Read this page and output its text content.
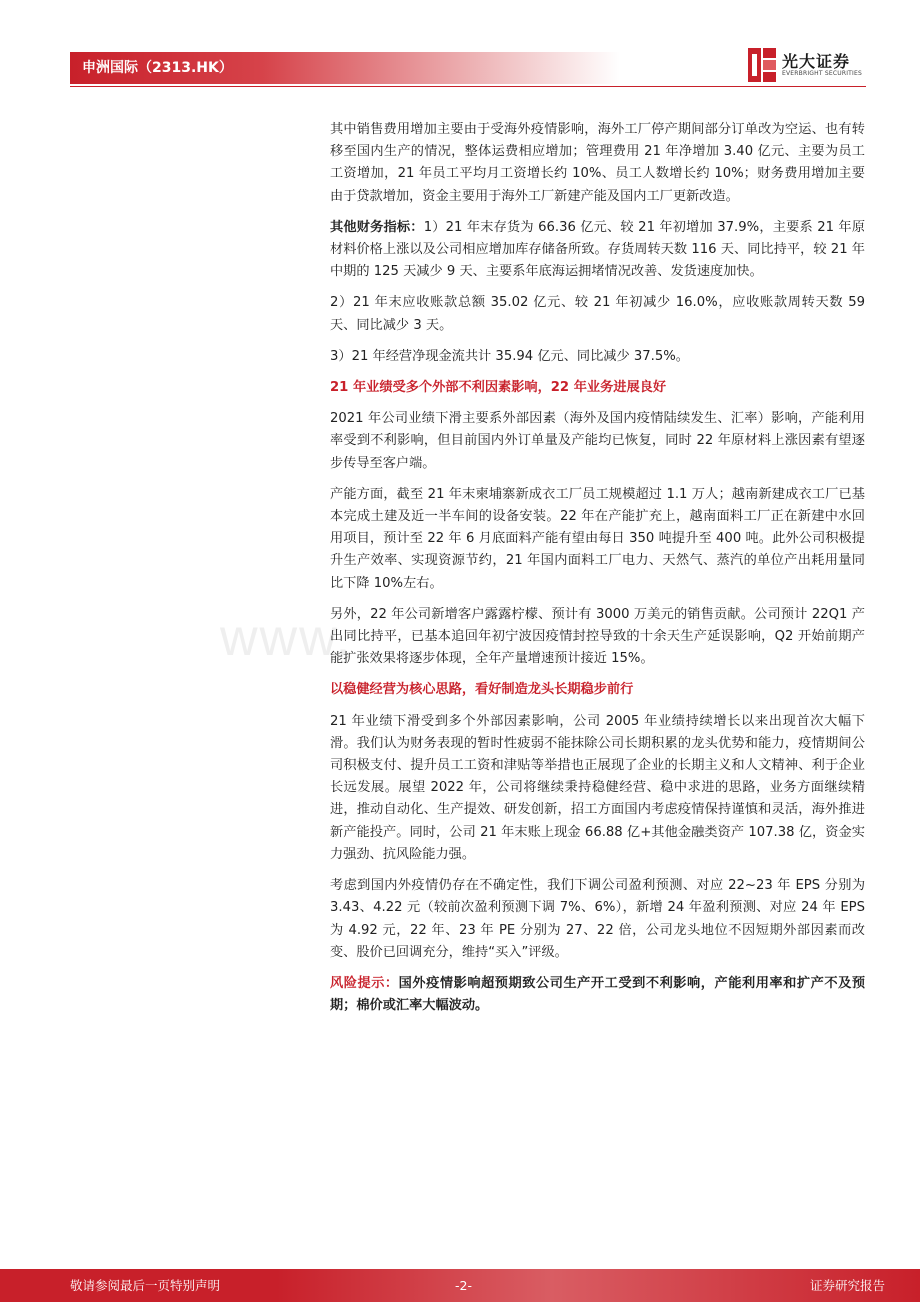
申洲国际（2313.HK）	光大证券
EVERBRIGHT SECURITIES
www.

其中销售费用增加主要由于受海外疫情影响，海外工厂停产期间部分订单改为空运、也有转移至国内生产的情况，整体运费相应增加；管理费用 21 年净增加 3.40 亿元、主要为员工工资增加，21 年员工平均月工资增长约 10%、员工人数增长约 10%；财务费用增加主要由于贷款增加，资金主要用于海外工厂新建产能及国内工厂更新改造。

其他财务指标：1）21 年末存货为 66.36 亿元、较 21 年初增加 37.9%，主要系 21 年原材料价格上涨以及公司相应增加库存储备所致。存货周转天数 116 天、同比持平，较 21 年中期的 125 天减少 9 天、主要系年底海运拥堵情况改善、发货速度加快。

2）21 年末应收账款总额 35.02 亿元、较 21 年初减少 16.0%，应收账款周转天数 59 天、同比减少 3 天。

3）21 年经营净现金流共计 35.94 亿元、同比减少 37.5%。

21 年业绩受多个外部不利因素影响，22 年业务进展良好

2021 年公司业绩下滑主要系外部因素（海外及国内疫情陆续发生、汇率）影响，产能利用率受到不利影响，但目前国内外订单量及产能均已恢复，同时 22 年原材料上涨因素有望逐步传导至客户端。

产能方面，截至 21 年末柬埔寨新成衣工厂员工规模超过 1.1 万人；越南新建成衣工厂已基本完成土建及近一半车间的设备安装。22 年在产能扩充上，越南面料工厂正在新建中水回用项目，预计至 22 年 6 月底面料产能有望由每日 350 吨提升至 400 吨。此外公司积极提升生产效率、实现资源节约，21 年国内面料工厂电力、天然气、蒸汽的单位产出耗用量同比下降 10%左右。

另外，22 年公司新增客户露露柠檬、预计有 3000 万美元的销售贡献。公司预计 22Q1 产出同比持平，已基本追回年初宁波因疫情封控导致的十余天生产延误影响，Q2 开始前期产能扩张效果将逐步体现，全年产量增速预计接近 15%。

以稳健经营为核心思路，看好制造龙头长期稳步前行

21 年业绩下滑受到多个外部因素影响，公司 2005 年业绩持续增长以来出现首次大幅下滑。我们认为财务表现的暂时性疲弱不能抹除公司长期积累的龙头优势和能力，疫情期间公司积极支付、提升员工工资和津贴等举措也正展现了企业的长期主义和人文精神、利于企业长远发展。展望 2022 年，公司将继续秉持稳健经营、稳中求进的思路，业务方面继续精进，推动自动化、生产提效、研发创新，招工方面国内考虑疫情保持谨慎和灵活，海外推进新产能投产。同时，公司 21 年末账上现金 66.88 亿+其他金融类资产 107.38 亿，资金实力强劲、抗风险能力强。

考虑到国内外疫情仍存在不确定性，我们下调公司盈利预测、对应 22~23 年 EPS 分别为 3.43、4.22 元（较前次盈利预测下调 7%、6%），新增 24 年盈利预测、对应 24 年 EPS 为 4.92 元，22 年、23 年 PE 分别为 27、22 倍，公司龙头地位不因短期外部因素而改变、股价已回调充分，维持“买入”评级。

风险提示：国外疫情影响超预期致公司生产开工受到不利影响，产能利用率和扩产不及预期；棉价或汇率大幅波动。

敬请参阅最后一页特别声明	-2-	证券研究报告
